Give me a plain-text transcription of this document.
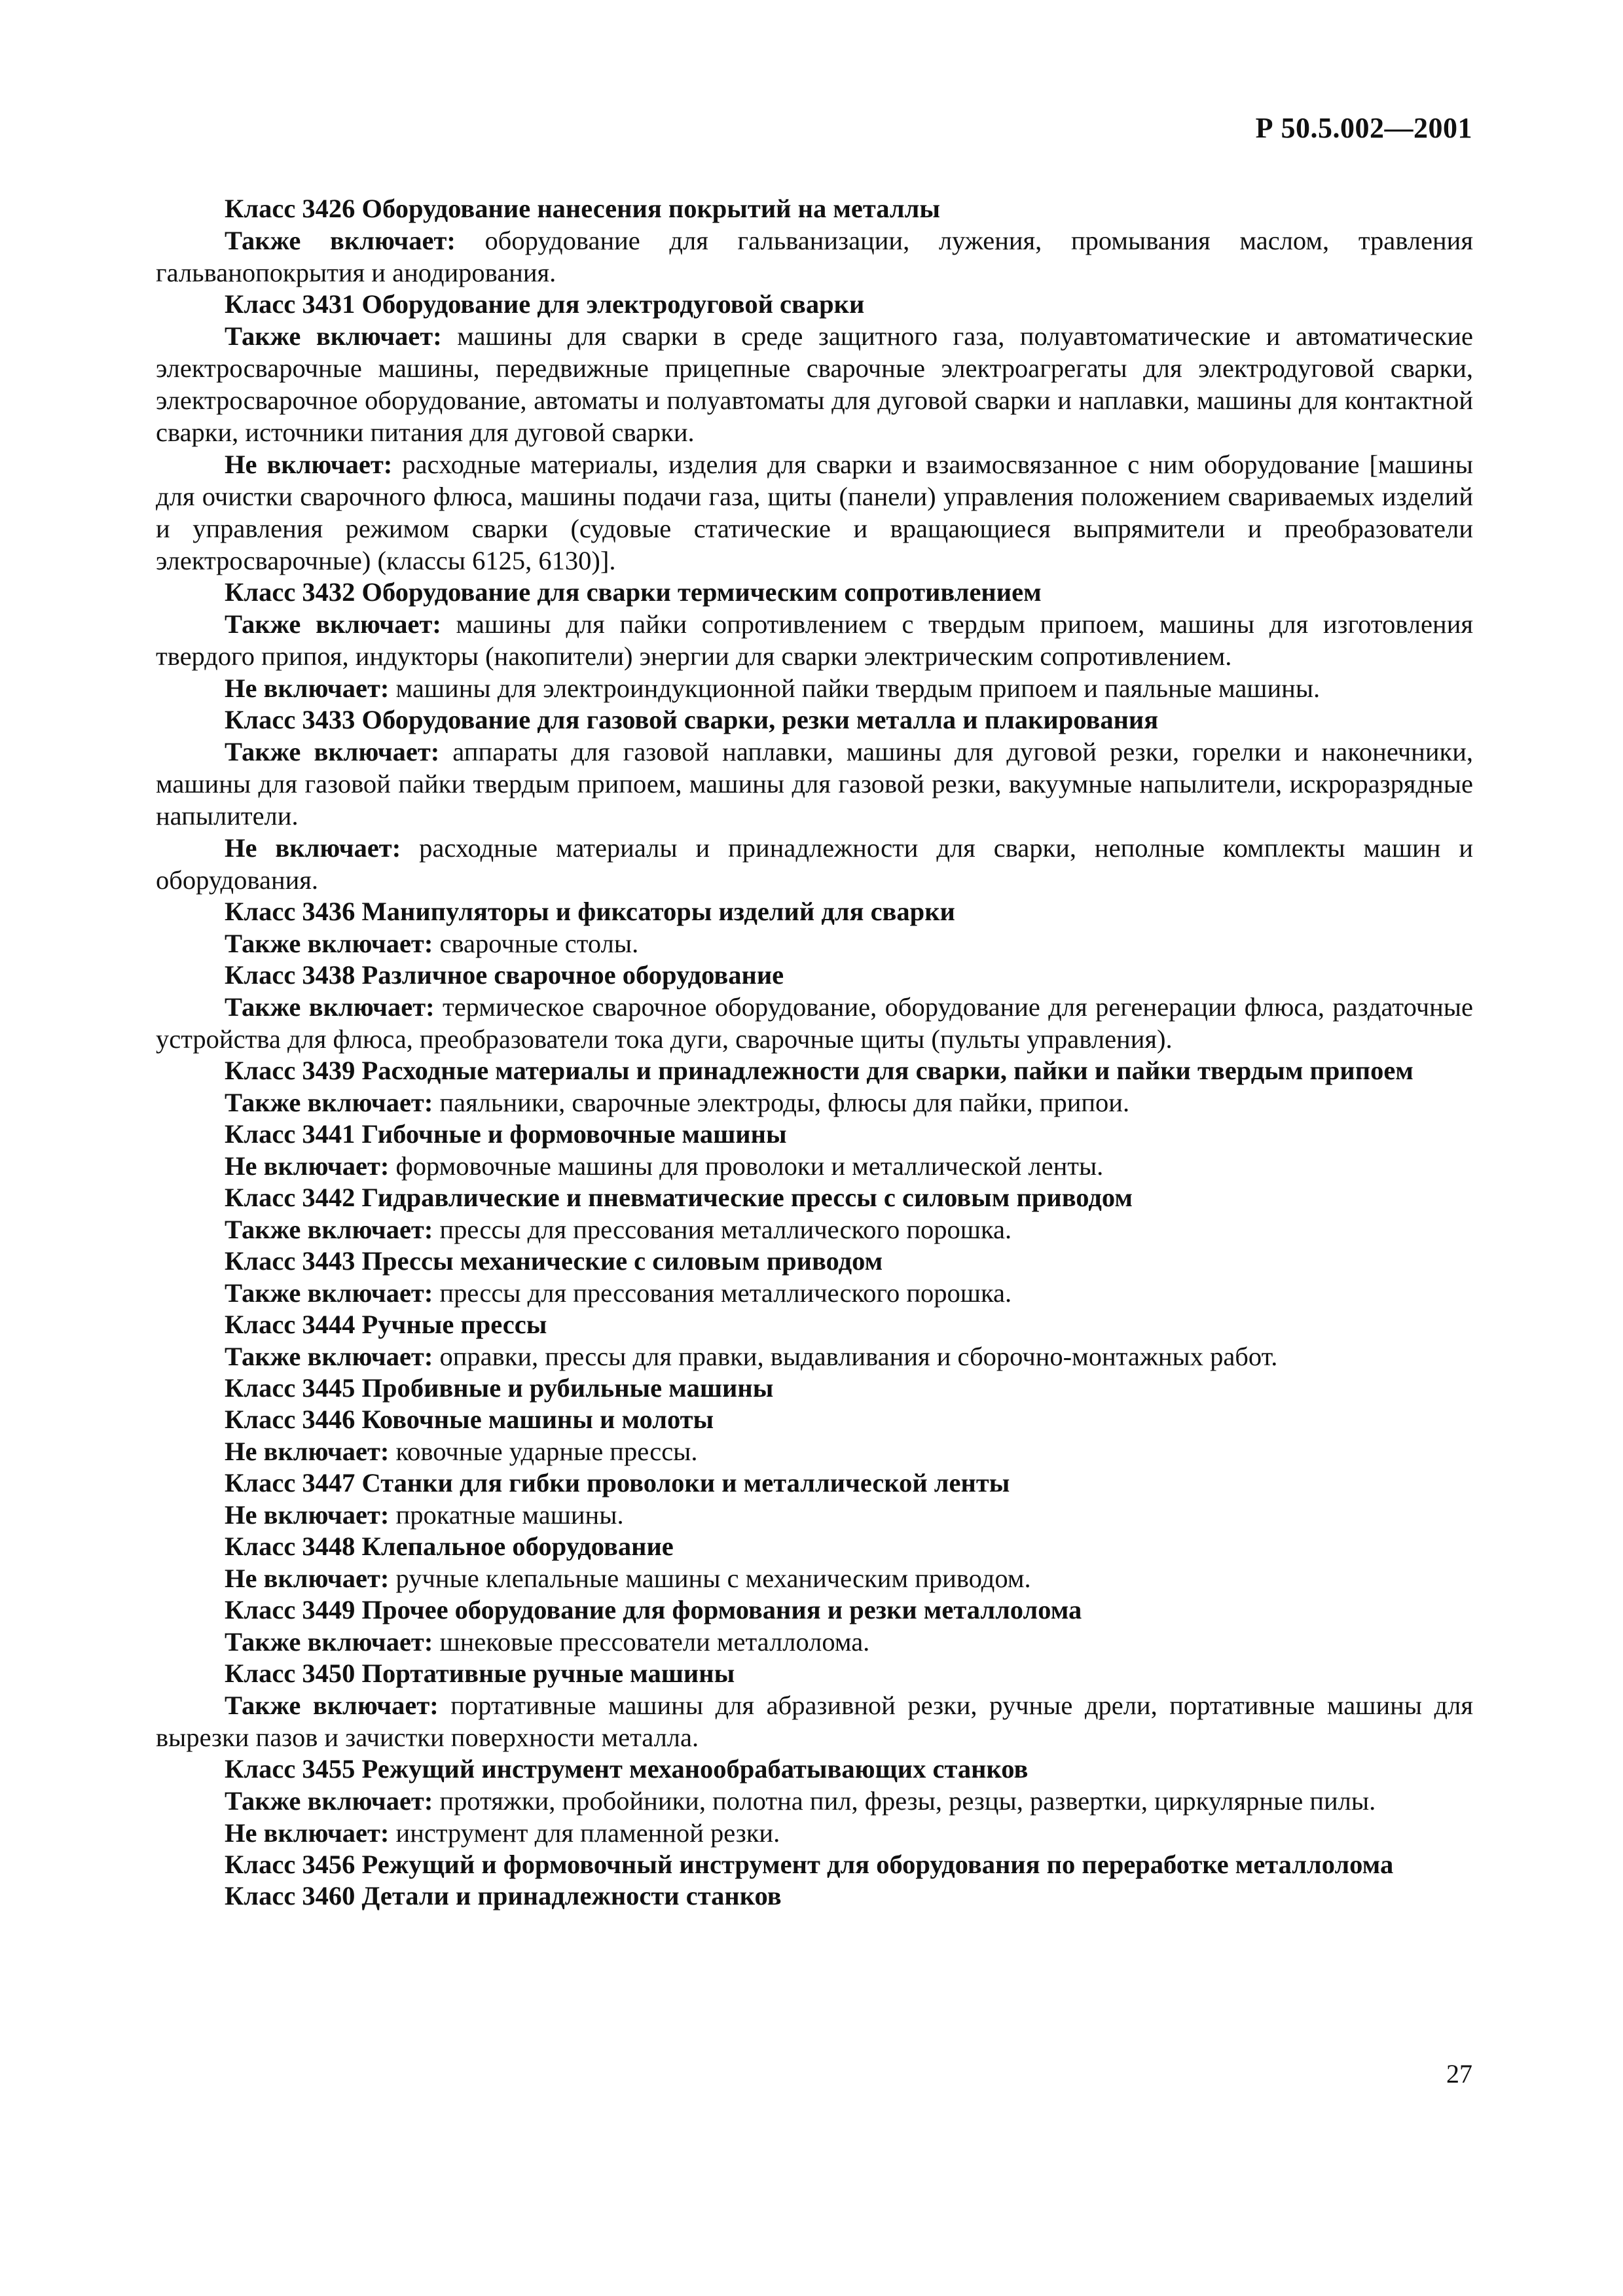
Р 50.5.002—2001
Класс 3426 Оборудование нанесения покрытий на металлы
Также включает: оборудование для гальванизации, лужения, промывания маслом, травления гальванопокрытия и анодирования.
Класс 3431 Оборудование для электродуговой сварки
Также включает: машины для сварки в среде защитного газа, полуавтоматические и автоматические электросварочные машины, передвижные прицепные сварочные электроагрегаты для электродуговой сварки, электросварочное оборудование, автоматы и полуавтоматы для дуговой сварки и наплавки, машины для контактной сварки, источники питания для дуговой сварки.
Не включает: расходные материалы, изделия для сварки и взаимосвязанное с ним оборудование [машины для очистки сварочного флюса, машины подачи газа, щиты (панели) управления положением свариваемых изделий и управления режимом сварки (судовые статические и вращающиеся выпрямители и преобразователи электросварочные) (классы 6125, 6130)].
Класс 3432 Оборудование для сварки термическим сопротивлением
Также включает: машины для пайки сопротивлением с твердым припоем, машины для изготовления твердого припоя, индукторы (накопители) энергии для сварки электрическим сопротивлением.
Не включает: машины для электроиндукционной пайки твердым припоем и паяльные машины.
Класс 3433 Оборудование для газовой сварки, резки металла и плакирования
Также включает: аппараты для газовой наплавки, машины для дуговой резки, горелки и наконечники, машины для газовой пайки твердым припоем, машины для газовой резки, вакуумные напылители, искроразрядные напылители.
Не включает: расходные материалы и принадлежности для сварки, неполные комплекты машин и оборудования.
Класс 3436 Манипуляторы и фиксаторы изделий для сварки
Также включает: сварочные столы.
Класс 3438 Различное сварочное оборудование
Также включает: термическое сварочное оборудование, оборудование для регенерации флюса, раздаточные устройства для флюса, преобразователи тока дуги, сварочные щиты (пульты управления).
Класс 3439 Расходные материалы и принадлежности для сварки, пайки и пайки твердым припоем
Также включает: паяльники, сварочные электроды, флюсы для пайки, припои.
Класс 3441 Гибочные и формовочные машины
Не включает: формовочные машины для проволоки и металлической ленты.
Класс 3442 Гидравлические и пневматические прессы с силовым приводом
Также включает: прессы для прессования металлического порошка.
Класс 3443 Прессы механические с силовым приводом
Также включает: прессы для прессования металлического порошка.
Класс 3444 Ручные прессы
Также включает: оправки, прессы для правки, выдавливания и сборочно-монтажных работ.
Класс 3445 Пробивные и рубильные машины
Класс 3446 Ковочные машины и молоты
Не включает: ковочные ударные прессы.
Класс 3447 Станки для гибки проволоки и металлической ленты
Не включает: прокатные машины.
Класс 3448 Клепальное оборудование
Не включает: ручные клепальные машины с механическим приводом.
Класс 3449 Прочее оборудование для формования и резки металлолома
Также включает: шнековые прессователи металлолома.
Класс 3450 Портативные ручные машины
Также включает: портативные машины для абразивной резки, ручные дрели, портативные машины для вырезки пазов и зачистки поверхности металла.
Класс 3455 Режущий инструмент механообрабатывающих станков
Также включает: протяжки, пробойники, полотна пил, фрезы, резцы, развертки, циркулярные пилы.
Не включает: инструмент для пламенной резки.
Класс 3456 Режущий и формовочный инструмент для оборудования по переработке металлолома
Класс 3460 Детали и принадлежности станков
27
